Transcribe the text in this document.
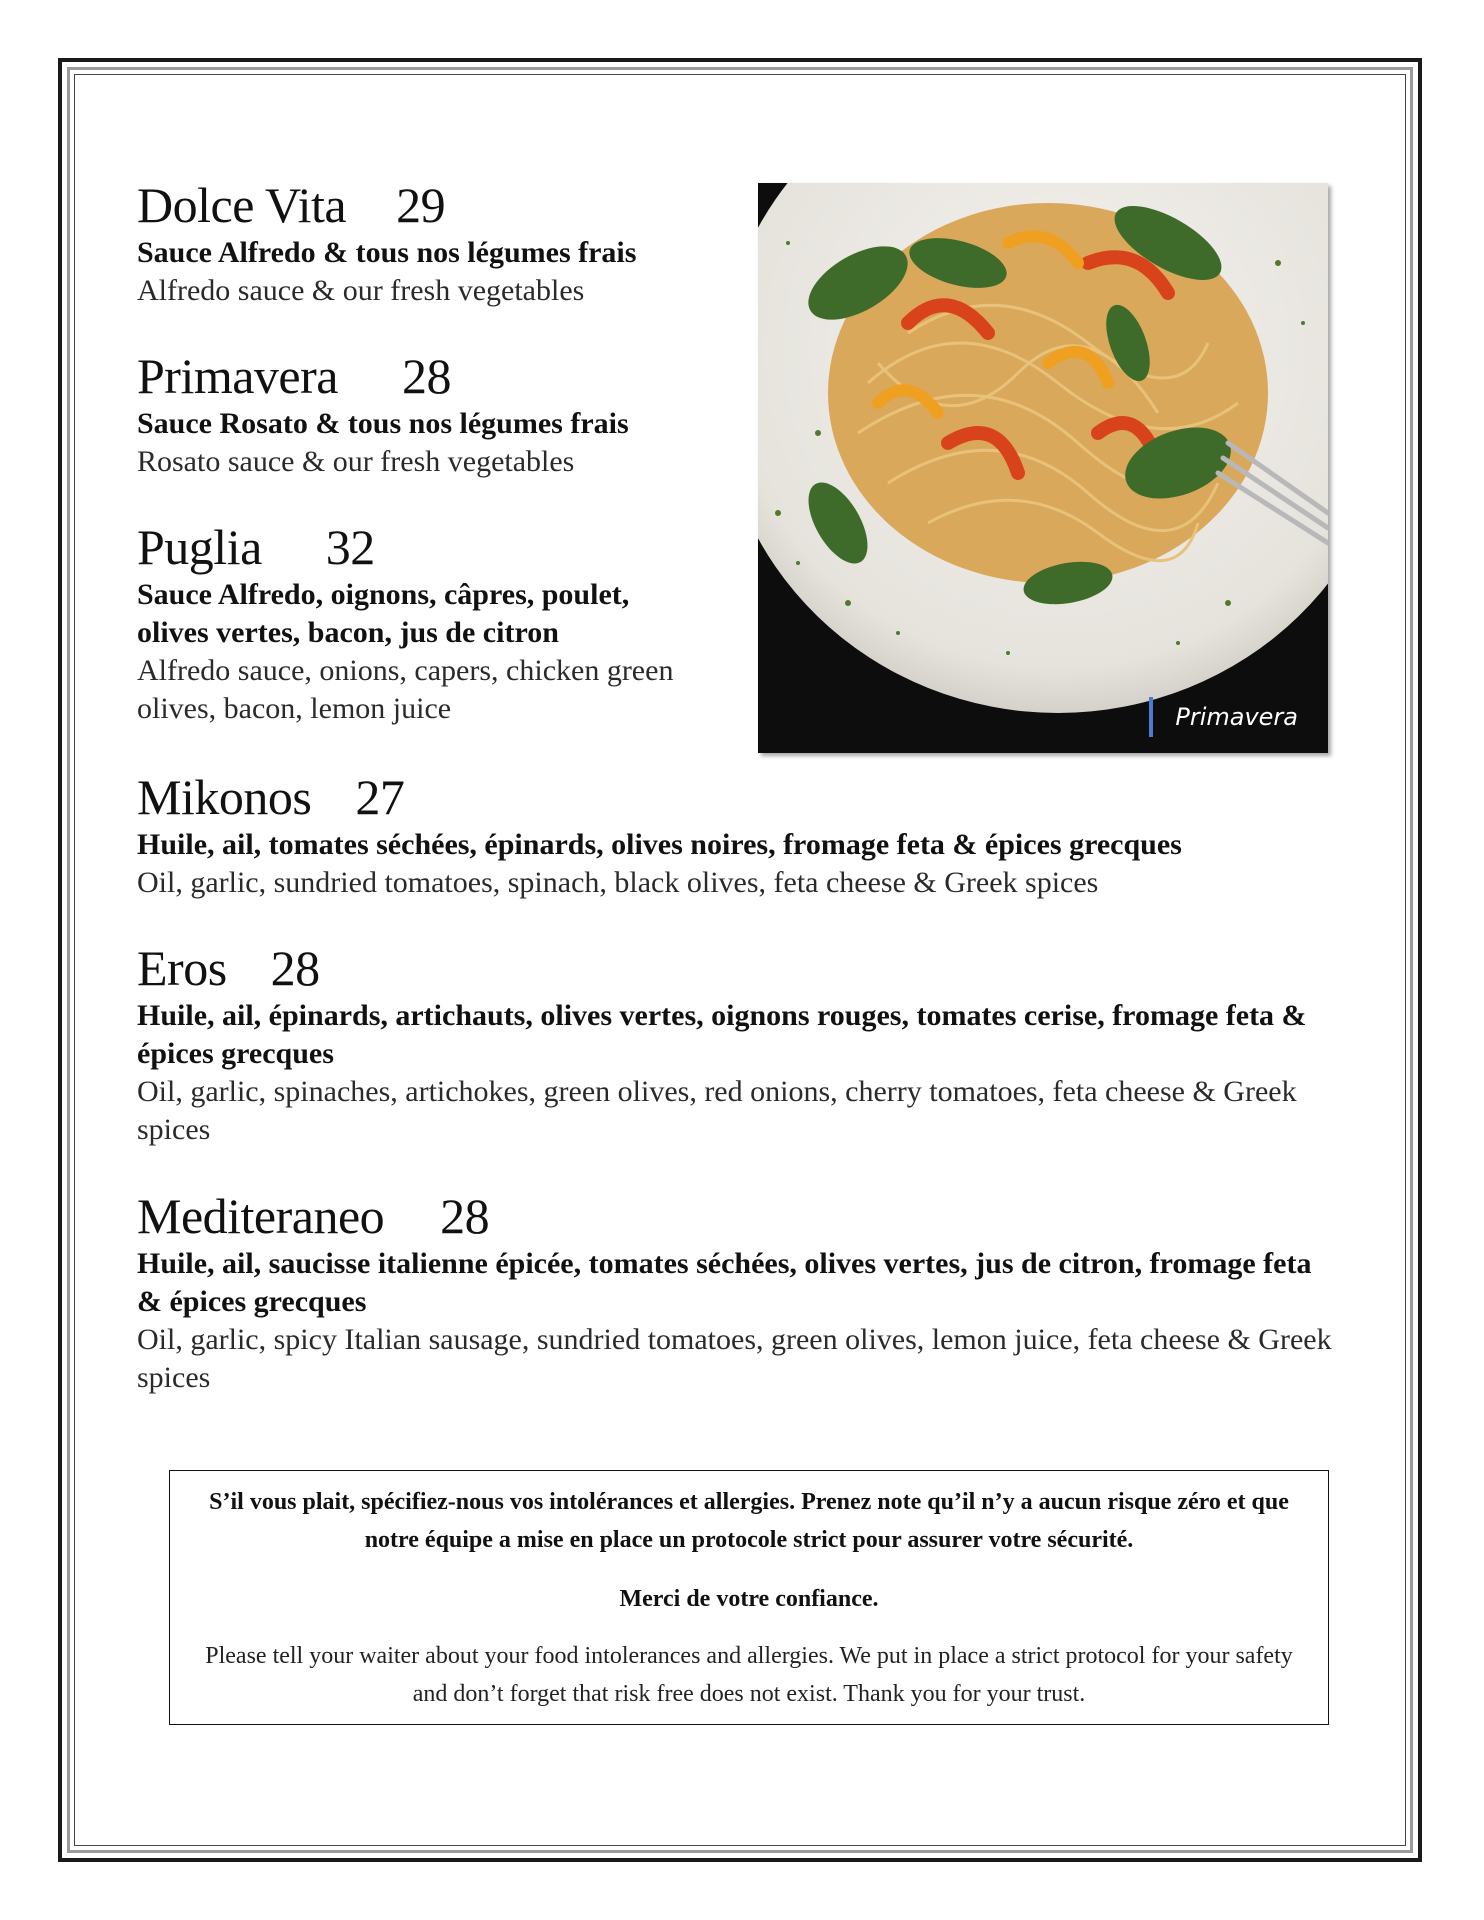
Dolce Vita 29
Sauce Alfredo & tous nos légumes frais
Alfredo sauce & our fresh vegetables
Primavera 28
Sauce Rosato & tous nos légumes frais
Rosato sauce & our fresh vegetables
Puglia 32
Sauce Alfredo, oignons, câpres, poulet, olives vertes, bacon, jus de citron
Alfredo sauce, onions, capers, chicken green olives, bacon, lemon juice
Mikonos 27
Huile, ail, tomates séchées, épinards, olives noires, fromage feta & épices grecques
Oil, garlic, sundried tomatoes, spinach, black olives, feta cheese & Greek spices
Eros 28
Huile, ail, épinards, artichauts, olives vertes, oignons rouges, tomates cerise, fromage feta & épices grecques
Oil, garlic, spinaches, artichokes, green olives, red onions, cherry tomatoes, feta cheese & Greek spices
Mediteraneo 28
Huile, ail, saucisse italienne épicée, tomates séchées, olives vertes, jus de citron, fromage feta & épices grecques
Oil, garlic, spicy Italian sausage, sundried tomatoes, green olives, lemon juice, feta cheese & Greek spices
Primavera

S’il vous plait, spécifiez-nous vos intolérances et allergies. Prenez note qu’il n’y a aucun risque zéro et que notre équipe a mise en place un protocole strict pour assurer votre sécurité.

Merci de votre confiance.

Please tell your waiter about your food intolerances and allergies. We put in place a strict protocol for your safety and don’t forget that risk free does not exist. Thank you for your trust.
